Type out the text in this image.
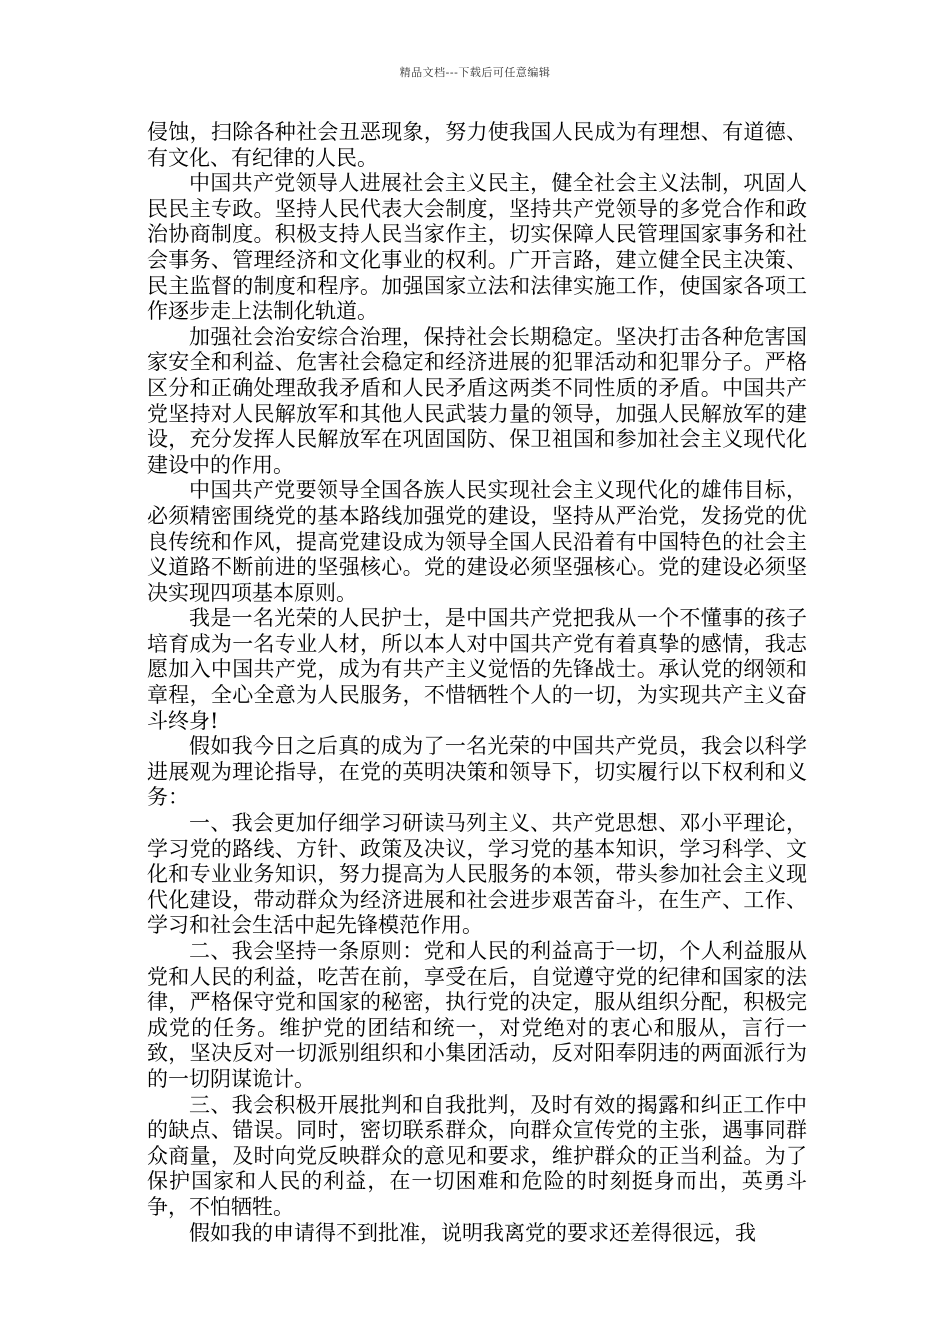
精品文档---下载后可任意编辑

侵蚀，扫除各种社会丑恶现象，努力使我国人民成为有理想、有道德、有文化、有纪律的人民。

中国共产党领导人进展社会主义民主，健全社会主义法制，巩固人民民主专政。坚持人民代表大会制度，坚持共产党领导的多党合作和政治协商制度。积极支持人民当家作主，切实保障人民管理国家事务和社会事务、管理经济和文化事业的权利。广开言路，建立健全民主决策、民主监督的制度和程序。加强国家立法和法律实施工作，使国家各项工作逐步走上法制化轨道。

加强社会治安综合治理，保持社会长期稳定。坚决打击各种危害国家安全和利益、危害社会稳定和经济进展的犯罪活动和犯罪分子。严格区分和正确处理敌我矛盾和人民矛盾这两类不同性质的矛盾。中国共产党坚持对人民解放军和其他人民武装力量的领导，加强人民解放军的建设，充分发挥人民解放军在巩固国防、保卫祖国和参加社会主义现代化建设中的作用。

中国共产党要领导全国各族人民实现社会主义现代化的雄伟目标，必须精密围绕党的基本路线加强党的建设，坚持从严治党，发扬党的优良传统和作风，提高党建设成为领导全国人民沿着有中国特色的社会主义道路不断前进的坚强核心。党的建设必须坚强核心。党的建设必须坚决实现四项基本原则。

我是一名光荣的人民护士，是中国共产党把我从一个不懂事的孩子培育成为一名专业人材，所以本人对中国共产党有着真挚的感情，我志愿加入中国共产党，成为有共产主义觉悟的先锋战士。承认党的纲领和章程，全心全意为人民服务，不惜牺牲个人的一切，为实现共产主义奋斗终身!

假如我今日之后真的成为了一名光荣的中国共产党员，我会以科学进展观为理论指导，在党的英明决策和领导下，切实履行以下权利和义务：

一、我会更加仔细学习研读马列主义、共产党思想、邓小平理论，学习党的路线、方针、政策及决议，学习党的基本知识，学习科学、文化和专业业务知识，努力提高为人民服务的本领，带头参加社会主义现代化建设，带动群众为经济进展和社会进步艰苦奋斗，在生产、工作、学习和社会生活中起先锋模范作用。

二、我会坚持一条原则：党和人民的利益高于一切，个人利益服从党和人民的利益，吃苦在前，享受在后，自觉遵守党的纪律和国家的法律，严格保守党和国家的秘密，执行党的决定，服从组织分配，积极完成党的任务。维护党的团结和统一，对党绝对的衷心和服从，言行一致，坚决反对一切派别组织和小集团活动，反对阳奉阴违的两面派行为的一切阴谋诡计。

三、我会积极开展批判和自我批判，及时有效的揭露和纠正工作中的缺点、错误。同时，密切联系群众，向群众宣传党的主张，遇事同群众商量，及时向党反映群众的意见和要求，维护群众的正当利益。为了保护国家和人民的利益，在一切困难和危险的时刻挺身而出，英勇斗争，不怕牺牲。

假如我的申请得不到批准，说明我离党的要求还差得很远，我
